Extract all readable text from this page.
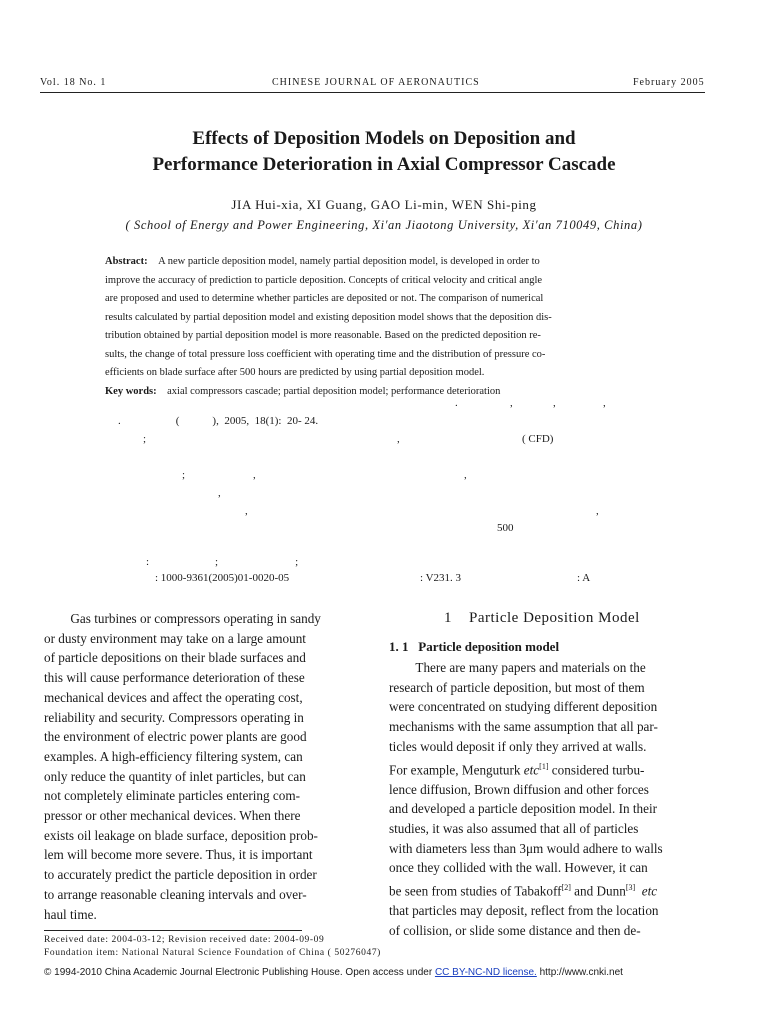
Vol. 18 No. 1	CHINESE JOURNAL OF AERONAUTICS	February 2005
Effects of Deposition Models on Deposition and
Performance Deterioration in Axial Compressor Cascade
JIA Hui-xia, XI Guang, GAO Li-min, WEN Shi-ping
( School of Energy and Power Engineering, Xi′an Jiaotong University, Xi′an 710049, China)
Abstract: A new particle deposition model, namely partial deposition model, is developed in order to
improve the accuracy of prediction to particle deposition. Concepts of critical velocity and critical angle
are proposed and used to determine whether particles are deposited or not. The comparison of numerical
results calculated by partial deposition model and existing deposition model shows that the deposition dis-
tribution obtained by partial deposition model is more reasonable. Based on the predicted deposition re-
sults, the change of total pressure loss coefficient with operating time and the distribution of pressure co-
efficients on blade surface after 500 hours are predicted by using partial deposition model.
Key words: axial compressors cascade; partial deposition model; performance deterioration
.	,	,	,
.                    (            ),  2005,  18(1):  20- 24.
;	,	( CFD)
;	,	,
,
,	,
500
:                        ;                            ;
: 1000-9361(2005)01-0020-05	: V231. 3	: A
Gas turbines or compressors operating in sandy
or dusty environment may take on a large amount
of particle depositions on their blade surfaces and
this will cause performance deterioration of these
mechanical devices and affect the operating cost,
reliability and security. Compressors operating in
the environment of electric power plants are good
examples. A high-efficiency filtering system, can
only reduce the quantity of inlet particles, but can
not completely eliminate particles entering com-
pressor or other mechanical devices. When there
exists oil leakage on blade surface, deposition prob-
lem will become more severe. Thus, it is important
to accurately predict the particle deposition in order
to arrange reasonable cleaning intervals and over-
haul time.
1    Particle Deposition Model
1. 1 Particle deposition model
There are many papers and materials on the
research of particle deposition, but most of them
were concentrated on studying different deposition
mechanisms with the same assumption that all par-
ticles would deposit if only they arrived at walls.
For example, Menguturk etc[1] considered turbu-
lence diffusion, Brown diffusion and other forces
and developed a particle deposition model. In their
studies, it was also assumed that all of particles
with diameters less than 3μm would adhere to walls
once they collided with the wall. However, it can
be seen from studies of Tabakoff[2] and Dunn[3] etc
that particles may deposit, reflect from the location
of collision, or slide some distance and then de-
Received date: 2004-03-12; Revision received date: 2004-09-09
Foundation item: National Natural Science Foundation of China ( 50276047)
© 1994-2010 China Academic Journal Electronic Publishing House. Open access under CC BY-NC-ND license. http://www.cnki.net
